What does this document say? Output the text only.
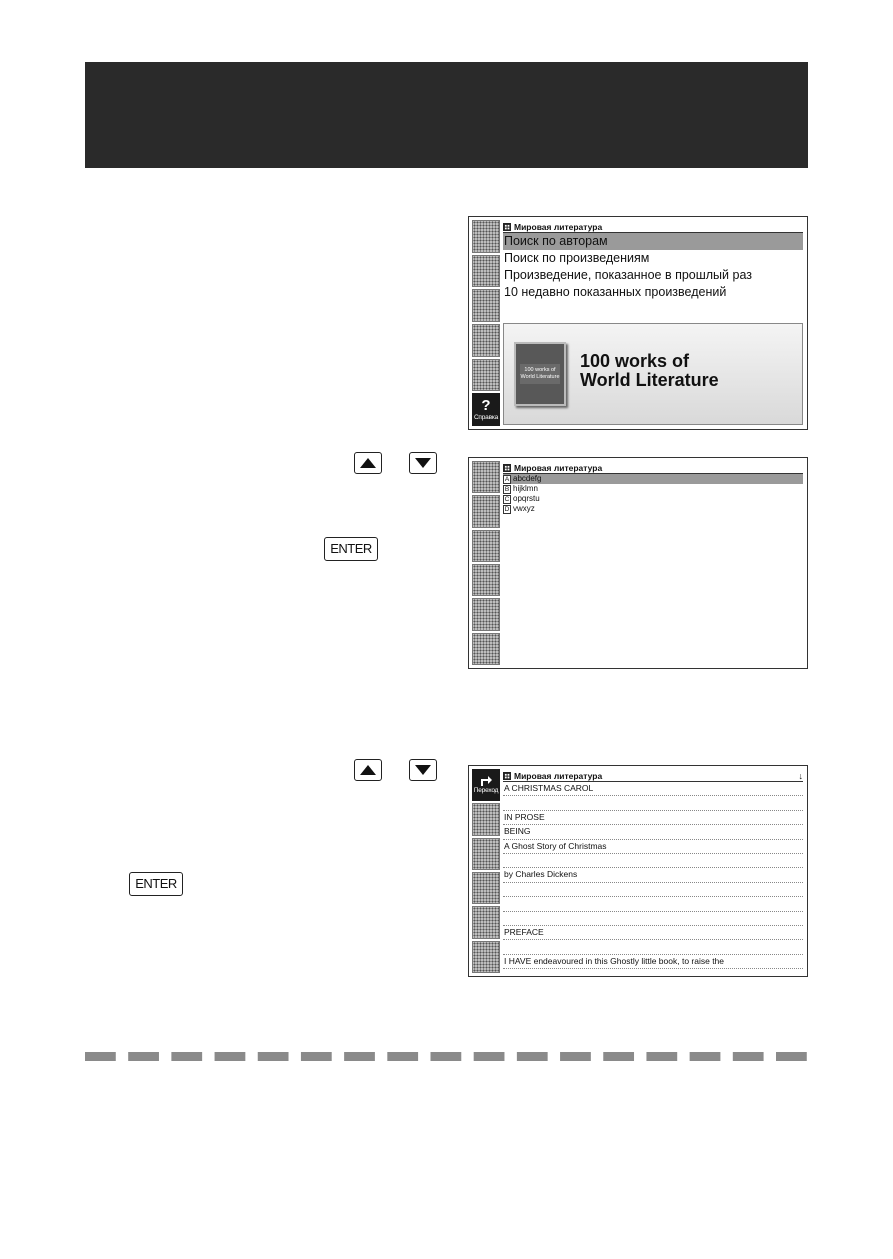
?
Справка
Мировая литература
Поиск по авторам
Поиск по произведениям
Произведение, показанное в прошлый раз
10 недавно показанных произведений
100 works of World Literature
100 works of
World Literature
ENTER
Мировая литература
A abcdefg
B hijklmn
C opqrstu
D vwxyz
ENTER
Переход
Мировая литература	↓
A CHRISTMAS CAROL
IN PROSE
BEING
A Ghost Story of Christmas
by Charles Dickens
PREFACE
I HAVE endeavoured in this Ghostly little book, to raise the
